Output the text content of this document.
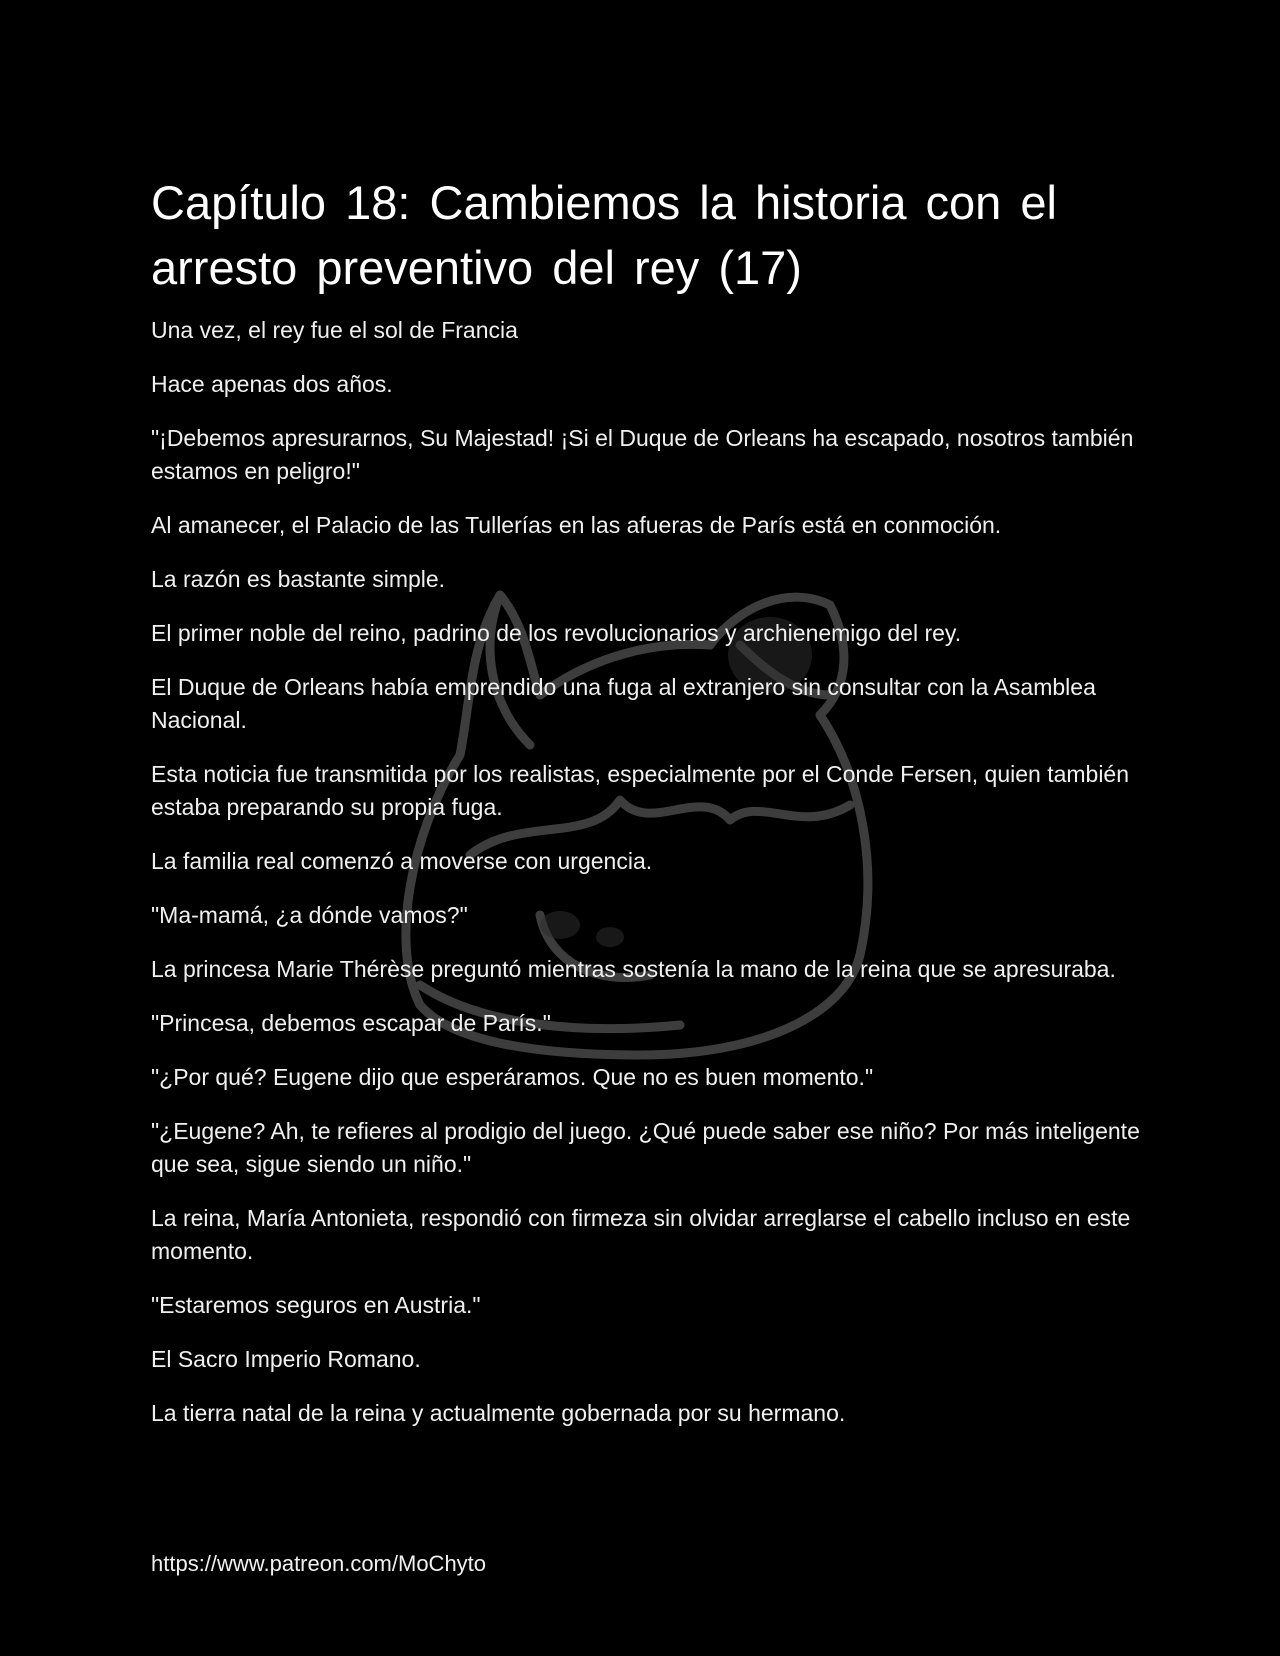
Capítulo 18: Cambiemos la historia con el arresto preventivo del rey (17)

Una vez, el rey fue el sol de Francia

Hace apenas dos años.

"¡Debemos apresurarnos, Su Majestad! ¡Si el Duque de Orleans ha escapado, nosotros también estamos en peligro!"

Al amanecer, el Palacio de las Tullerías en las afueras de París está en conmoción.

La razón es bastante simple.

El primer noble del reino, padrino de los revolucionarios y archienemigo del rey.

El Duque de Orleans había emprendido una fuga al extranjero sin consultar con la Asamblea Nacional.

Esta noticia fue transmitida por los realistas, especialmente por el Conde Fersen, quien también estaba preparando su propia fuga.

La familia real comenzó a moverse con urgencia.

"Ma-mamá, ¿a dónde vamos?"

La princesa Marie Thérèse preguntó mientras sostenía la mano de la reina que se apresuraba.

"Princesa, debemos escapar de París."

"¿Por qué? Eugene dijo que esperáramos. Que no es buen momento."

"¿Eugene? Ah, te refieres al prodigio del juego. ¿Qué puede saber ese niño? Por más inteligente que sea, sigue siendo un niño."

La reina, María Antonieta, respondió con firmeza sin olvidar arreglarse el cabello incluso en este momento.

"Estaremos seguros en Austria."

El Sacro Imperio Romano.

La tierra natal de la reina y actualmente gobernada por su hermano.

https://www.patreon.com/MoChyto
